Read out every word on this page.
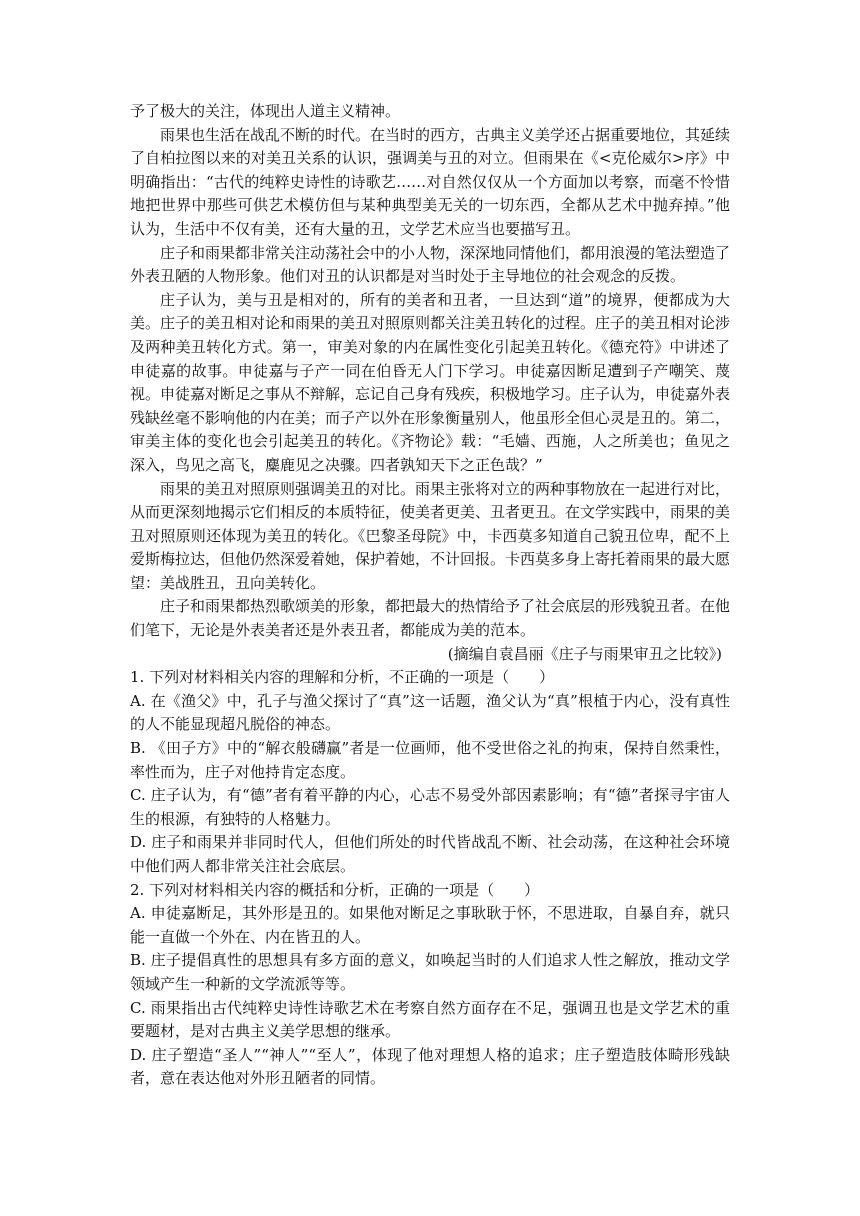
予了极大的关注，体现出人道主义精神。

雨果也生活在战乱不断的时代。在当时的西方，古典主义美学还占据重要地位，其延续了自柏拉图以来的对美丑关系的认识，强调美与丑的对立。但雨果在《<克伦威尔>序》中明确指出：“古代的纯粹史诗性的诗歌艺……对自然仅仅从一个方面加以考察，而毫不怜惜地把世界中那些可供艺术模仿但与某种典型美无关的一切东西，全都从艺术中抛弃掉。”他认为，生活中不仅有美，还有大量的丑，文学艺术应当也要描写丑。

庄子和雨果都非常关注动荡社会中的小人物，深深地同情他们，都用浪漫的笔法塑造了外表丑陋的人物形象。他们对丑的认识都是对当时处于主导地位的社会观念的反拨。

庄子认为，美与丑是相对的，所有的美者和丑者，一旦达到“道”的境界，便都成为大美。庄子的美丑相对论和雨果的美丑对照原则都关注美丑转化的过程。庄子的美丑相对论涉及两种美丑转化方式。第一，审美对象的内在属性变化引起美丑转化。《德充符》中讲述了申徒嘉的故事。申徒嘉与子产一同在伯昏无人门下学习。申徒嘉因断足遭到子产嘲笑、蔑视。申徒嘉对断足之事从不辩解，忘记自己身有残疾，积极地学习。庄子认为，申徒嘉外表残缺丝毫不影响他的内在美；而子产以外在形象衡量别人，他虽形全但心灵是丑的。第二，审美主体的变化也会引起美丑的转化。《齐物论》载：“毛嫱、西施，人之所美也；鱼见之深入，鸟见之高飞，麋鹿见之决骤。四者孰知天下之正色哉？”

雨果的美丑对照原则强调美丑的对比。雨果主张将对立的两种事物放在一起进行对比，从而更深刻地揭示它们相反的本质特征，使美者更美、丑者更丑。在文学实践中，雨果的美丑对照原则还体现为美丑的转化。《巴黎圣母院》中，卡西莫多知道自己貌丑位卑，配不上爱斯梅拉达，但他仍然深爱着她，保护着她，不计回报。卡西莫多身上寄托着雨果的最大愿望：美战胜丑，丑向美转化。

庄子和雨果都热烈歌颂美的形象，都把最大的热情给予了社会底层的形残貌丑者。在他们笔下，无论是外表美者还是外表丑者，都能成为美的范本。

(摘编自袁昌丽《庄子与雨果审丑之比较》)

1. 下列对材料相关内容的理解和分析，不正确的一项是（　　）

A. 在《渔父》中，孔子与渔父探讨了“真”这一话题，渔父认为“真”根植于内心，没有真性的人不能显现超凡脱俗的神态。

B. 《田子方》中的“解衣般礴赢”者是一位画师，他不受世俗之礼的拘束，保持自然秉性，率性而为，庄子对他持肯定态度。

C. 庄子认为，有“德”者有着平静的内心，心志不易受外部因素影响；有“德”者探寻宇宙人生的根源，有独特的人格魅力。

D. 庄子和雨果并非同时代人，但他们所处的时代皆战乱不断、社会动荡，在这种社会环境中他们两人都非常关注社会底层。

2. 下列对材料相关内容的概括和分析，正确的一项是（　　）

A. 申徒嘉断足，其外形是丑的。如果他对断足之事耿耿于怀，不思进取，自暴自弃，就只能一直做一个外在、内在皆丑的人。

B. 庄子提倡真性的思想具有多方面的意义，如唤起当时的人们追求人性之解放，推动文学领域产生一种新的文学流派等等。

C. 雨果指出古代纯粹史诗性诗歌艺术在考察自然方面存在不足，强调丑也是文学艺术的重要题材，是对古典主义美学思想的继承。

D. 庄子塑造“圣人”“神人”“至人”，体现了他对理想人格的追求；庄子塑造肢体畸形残缺者，意在表达他对外形丑陋者的同情。
